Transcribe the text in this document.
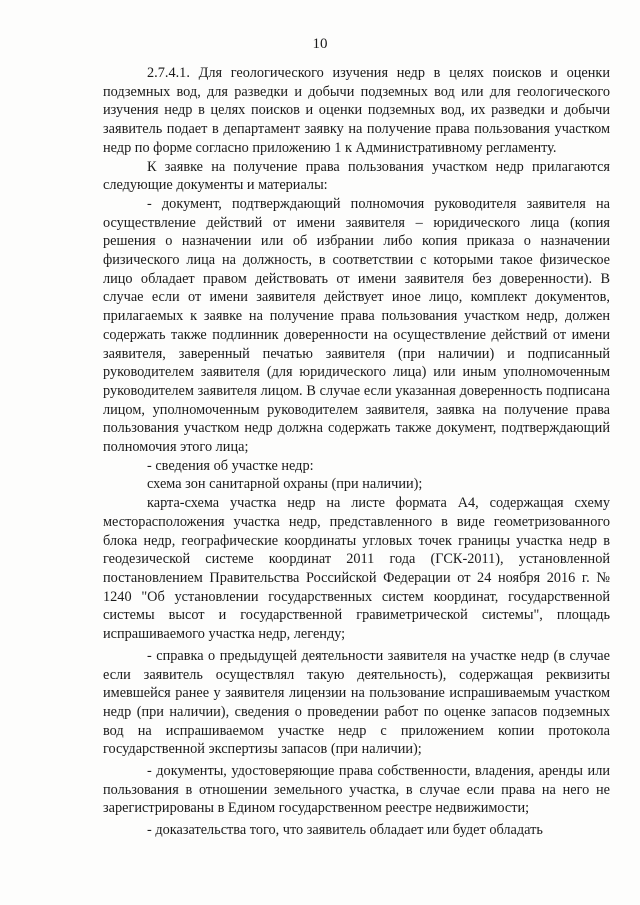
10

2.7.4.1. Для геологического изучения недр в целях поисков и оценки подземных вод, для разведки и добычи подземных вод или для геологического изучения недр в целях поисков и оценки подземных вод, их разведки и добычи заявитель подает в департамент заявку на получение права пользования участком недр по форме согласно приложению 1 к Административному регламенту.

К заявке на получение права пользования участком недр прилагаются следующие документы и материалы:

- документ, подтверждающий полномочия руководителя заявителя на осуществление действий от имени заявителя – юридического лица (копия решения о назначении или об избрании либо копия приказа о назначении физического лица на должность, в соответствии с которыми такое физическое лицо обладает правом действовать от имени заявителя без доверенности). В случае если от имени заявителя действует иное лицо, комплект документов, прилагаемых к заявке на получение права пользования участком недр, должен содержать также подлинник доверенности на осуществление действий от имени заявителя, заверенный печатью заявителя (при наличии) и подписанный руководителем заявителя (для юридического лица) или иным уполномоченным руководителем заявителя лицом. В случае если указанная доверенность подписана лицом, уполномоченным руководителем заявителя, заявка на получение права пользования участком недр должна содержать также документ, подтверждающий полномочия этого лица;

- сведения об участке недр:

схема зон санитарной охраны (при наличии);

карта-схема участка недр на листе формата А4, содержащая схему месторасположения участка недр, представленного в виде геометризованного блока недр, географические координаты угловых точек границы участка недр в геодезической системе координат 2011 года (ГСК-2011), установленной постановлением Правительства Российской Федерации от 24 ноября 2016 г. № 1240 "Об установлении государственных систем координат, государственной системы высот и государственной гравиметрической системы", площадь испрашиваемого участка недр, легенду;

- справка о предыдущей деятельности заявителя на участке недр (в случае если заявитель осуществлял такую деятельность), содержащая реквизиты имевшейся ранее у заявителя лицензии на пользование испрашиваемым участком недр (при наличии), сведения о проведении работ по оценке запасов подземных вод на испрашиваемом участке недр с приложением копии протокола государственной экспертизы запасов (при наличии);

- документы, удостоверяющие права собственности, владения, аренды или пользования в отношении земельного участка, в случае если права на него не зарегистрированы в Едином государственном реестре недвижимости;

- доказательства того, что заявитель обладает или будет обладать
